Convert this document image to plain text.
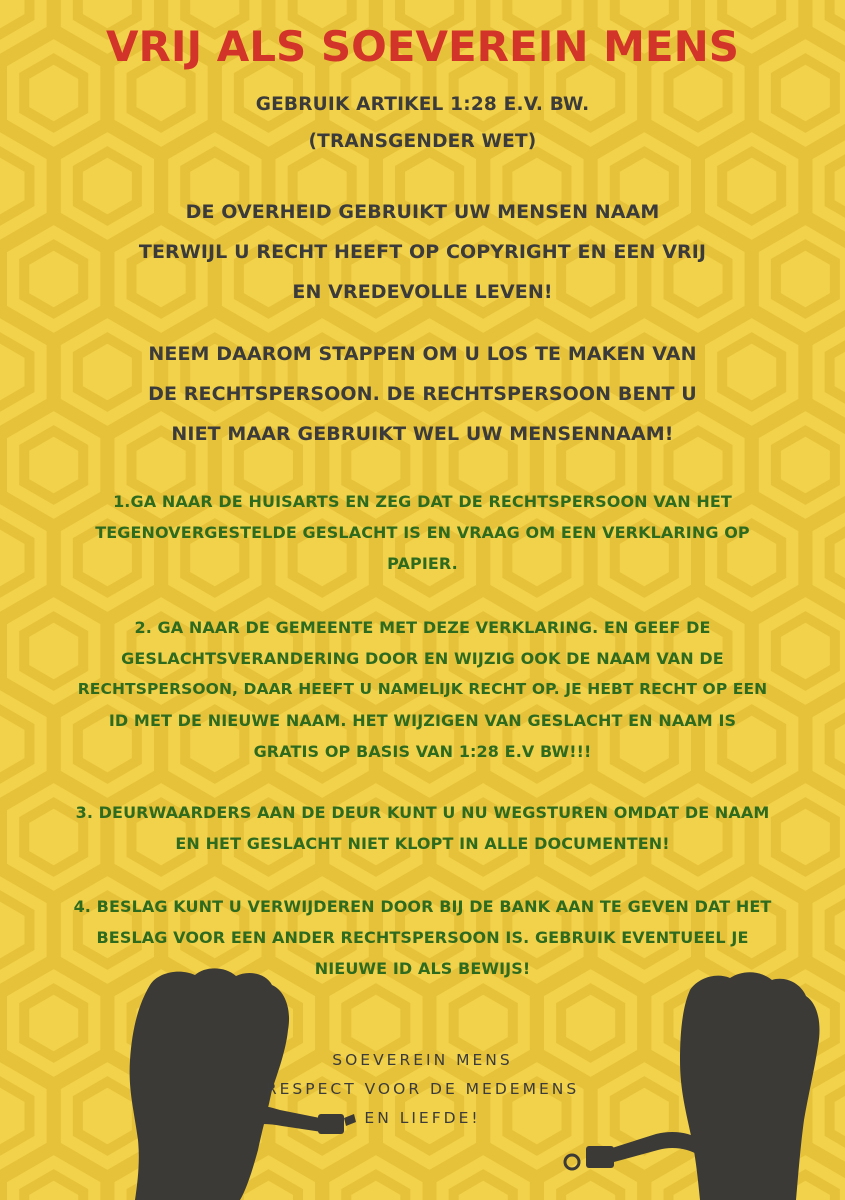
VRIJ ALS SOEVEREIN MENS
GEBRUIK ARTIKEL 1:28 E.V. BW.
(TRANSGENDER WET)
DE OVERHEID GEBRUIKT UW MENSEN NAAM
TERWIJL U RECHT HEEFT OP COPYRIGHT EN EEN VRIJ
EN VREDEVOLLE LEVEN!
NEEM DAAROM STAPPEN OM U LOS TE MAKEN VAN
DE RECHTSPERSOON. DE RECHTSPERSOON BENT U
NIET MAAR GEBRUIKT WEL UW MENSENNAAM!
1.GA NAAR DE HUISARTS EN ZEG DAT DE RECHTSPERSOON VAN HET
TEGENOVERGESTELDE GESLACHT IS EN VRAAG OM EEN VERKLARING OP
PAPIER.
2. GA NAAR DE GEMEENTE MET DEZE VERKLARING. EN GEEF DE
GESLACHTSVERANDERING DOOR EN WIJZIG OOK DE NAAM VAN DE
RECHTSPERSOON, DAAR HEEFT U NAMELIJK RECHT OP. JE HEBT RECHT OP EEN
ID MET DE NIEUWE NAAM. HET WIJZIGEN VAN GESLACHT EN NAAM IS
GRATIS OP BASIS VAN 1:28 E.V BW!!!
3. DEURWAARDERS AAN DE DEUR KUNT U NU WEGSTUREN OMDAT DE NAAM
EN HET GESLACHT NIET KLOPT IN ALLE DOCUMENTEN!
4. BESLAG KUNT U VERWIJDEREN DOOR BIJ DE BANK AAN TE GEVEN DAT HET
BESLAG VOOR EEN ANDER RECHTSPERSOON IS. GEBRUIK EVENTUEEL JE
NIEUWE ID ALS BEWIJS!
SOEVEREIN MENS
RESPECT VOOR DE MEDEMENS
EN LIEFDE!
